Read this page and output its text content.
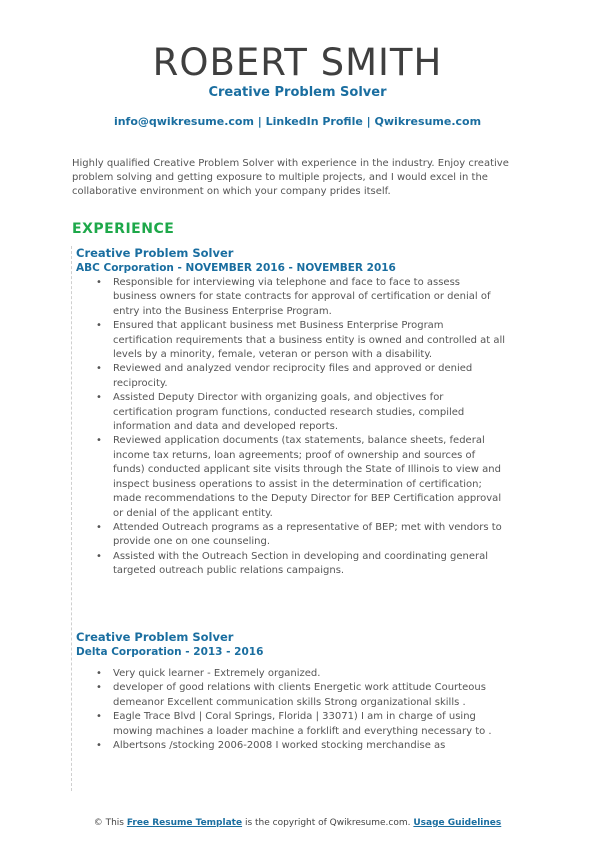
ROBERT SMITH
Creative Problem Solver
info@qwikresume.com | LinkedIn Profile | Qwikresume.com
Highly qualified Creative Problem Solver with experience in the industry. Enjoy creative problem solving and getting exposure to multiple projects, and I would excel in the collaborative environment on which your company prides itself.
EXPERIENCE
Creative Problem Solver
ABC Corporation - NOVEMBER 2016 - NOVEMBER 2016
• Responsible for interviewing via telephone and face to face to assess business owners for state contracts for approval of certification or denial of entry into the Business Enterprise Program.
• Ensured that applicant business met Business Enterprise Program certification requirements that a business entity is owned and controlled at all levels by a minority, female, veteran or person with a disability.
• Reviewed and analyzed vendor reciprocity files and approved or denied reciprocity.
• Assisted Deputy Director with organizing goals, and objectives for certification program functions, conducted research studies, compiled information and data and developed reports.
• Reviewed application documents (tax statements, balance sheets, federal income tax returns, loan agreements; proof of ownership and sources of funds) conducted applicant site visits through the State of Illinois to view and inspect business operations to assist in the determination of certification; made recommendations to the Deputy Director for BEP Certification approval or denial of the applicant entity.
• Attended Outreach programs as a representative of BEP; met with vendors to provide one on one counseling.
• Assisted with the Outreach Section in developing and coordinating general targeted outreach public relations campaigns.
Creative Problem Solver
Delta Corporation - 2013 - 2016
• Very quick learner - Extremely organized.
• developer of good relations with clients Energetic work attitude Courteous demeanor Excellent communication skills Strong organizational skills .
• Eagle Trace Blvd | Coral Springs, Florida | 33071) I am in charge of using mowing machines a loader machine a forklift and everything necessary to .
• Albertsons /stocking 2006-2008 I worked stocking merchandise as
© This Free Resume Template is the copyright of Qwikresume.com. Usage Guidelines
